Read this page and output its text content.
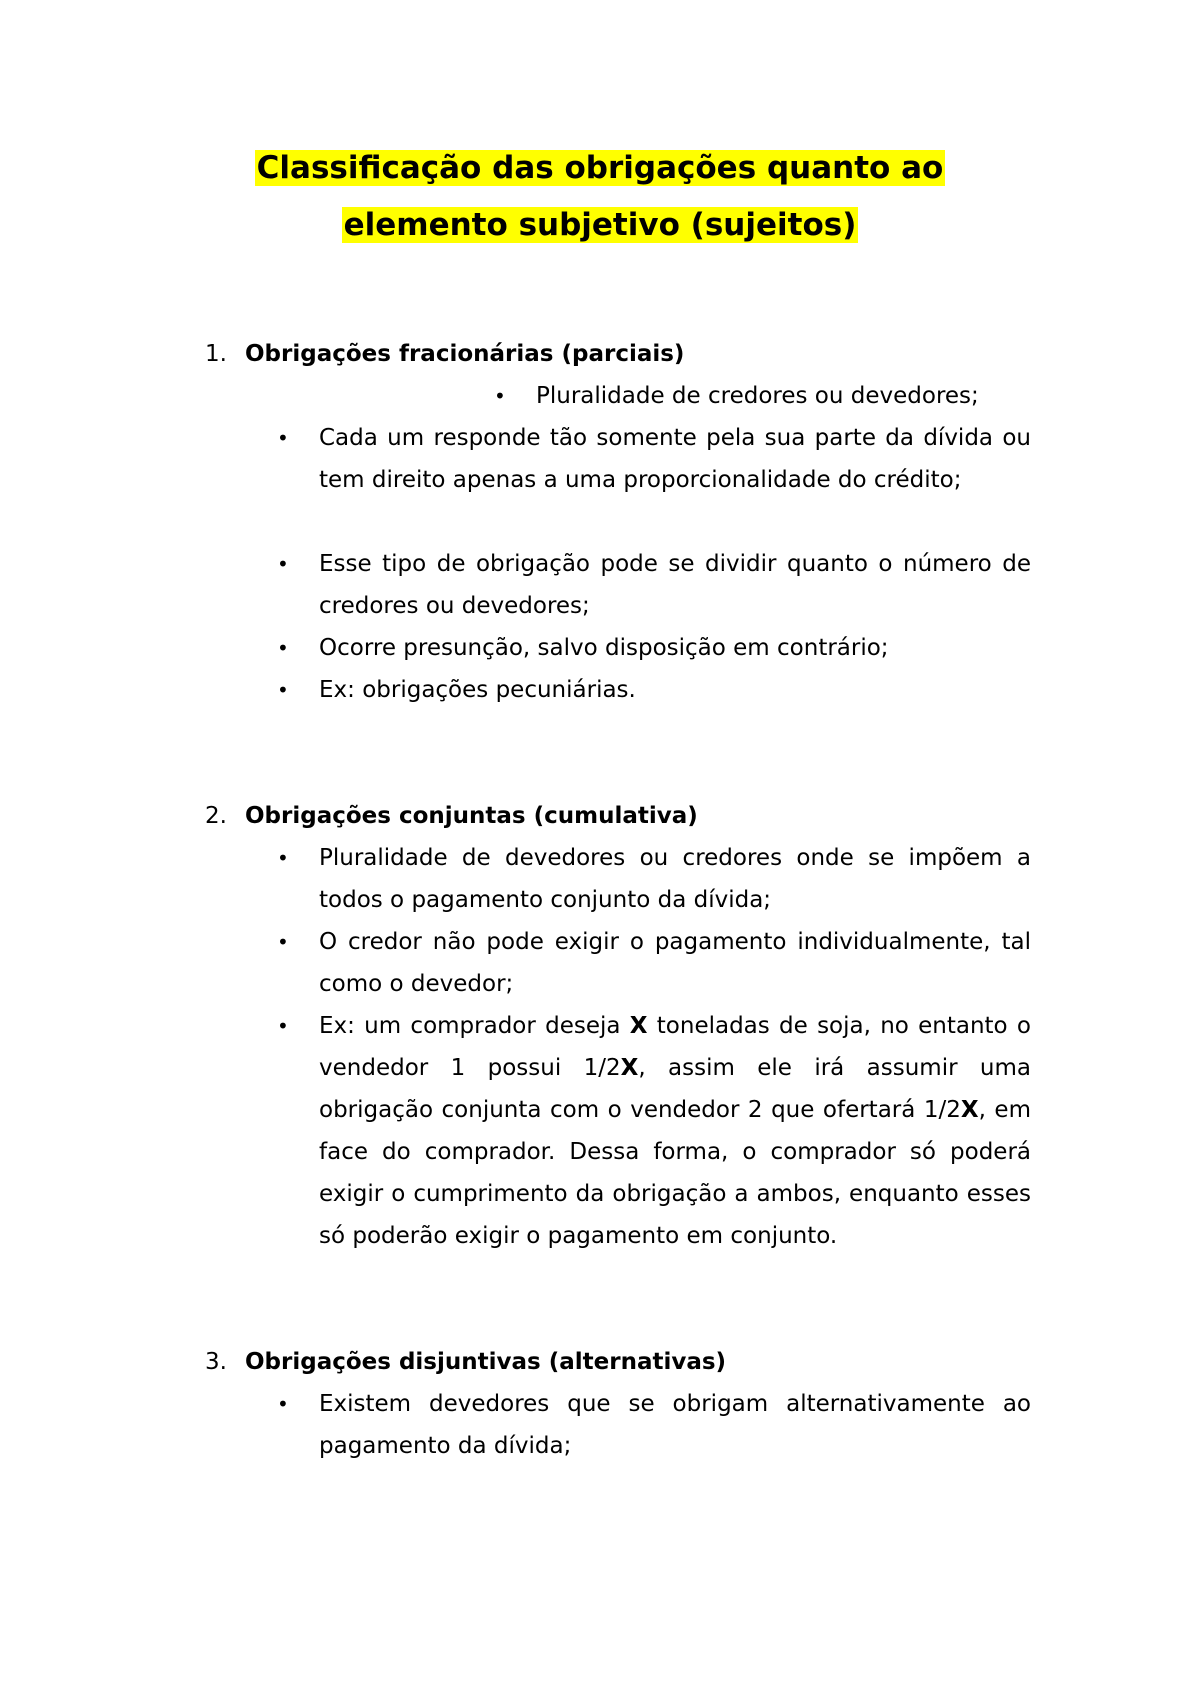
Classificação das obrigações quanto ao
elemento subjetivo (sujeitos)
1. Obrigações fracionárias (parciais)
• Pluralidade de credores ou devedores;
• Cada um responde tão somente pela sua parte da dívida ou tem direito apenas a uma proporcionalidade do crédito;
• Esse tipo de obrigação pode se dividir quanto o número de credores ou devedores;
• Ocorre presunção, salvo disposição em contrário;
• Ex: obrigações pecuniárias.
2. Obrigações conjuntas (cumulativa)
• Pluralidade de devedores ou credores onde se impõem a todos o pagamento conjunto da dívida;
• O credor não pode exigir o pagamento individualmente, tal como o devedor;
• Ex: um comprador deseja X toneladas de soja, no entanto o vendedor 1 possui 1/2X, assim ele irá assumir uma obrigação conjunta com o vendedor 2 que ofertará 1/2X, em face do comprador. Dessa forma, o comprador só poderá exigir o cumprimento da obrigação a ambos, enquanto esses só poderão exigir o pagamento em conjunto.
3. Obrigações disjuntivas (alternativas)
• Existem devedores que se obrigam alternativamente ao pagamento da dívida;
